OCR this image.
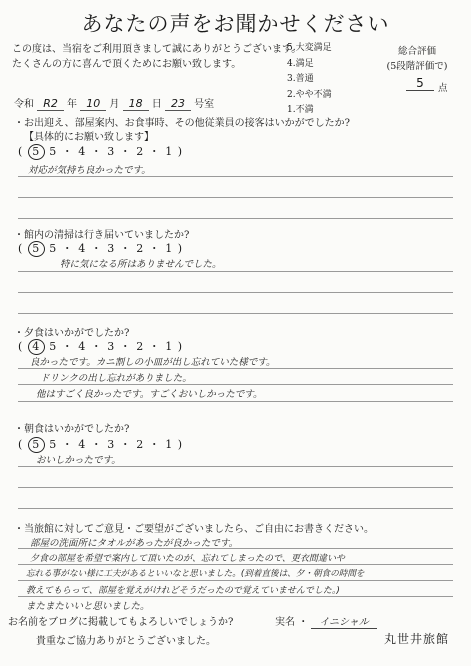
あなたの声をお聞かせください
この度は、当宿をご利用頂きまして誠にありがとうございます。
たくさんの方に喜んで頂くためにお願い致します。
5.大変満足
4.満足
3.普通
2.やや不満
1.不満
総合評価
(5段階評価で)
5	点
令和 R2 年 10 月 18 日 23 号室
・お出迎え、部屋案内、お食事時、その他従業員の接客はいかがでしたか?
【具体的にお願い致します】
( 5 5 ・ 4 ・ 3 ・ 2 ・ 1 )
対応が気持ち良かったです。
・館内の清掃は行き届いていましたか?
( 5 5 ・ 4 ・ 3 ・ 2 ・ 1 )
特に気になる所はありませんでした。
・夕食はいかがでしたか?
( 4 5 ・ 4 ・ 3 ・ 2 ・ 1 )
良かったです。カニ割しの小皿が出し忘れていた様です。
ドリンクの出し忘れがありました。
他はすごく良かったです。すごくおいしかったです。
・朝食はいかがでしたか?
( 5 5 ・ 4 ・ 3 ・ 2 ・ 1 )
おいしかったです。
・当旅館に対してご意見・ご要望がございましたら、ご自由にお書きください。
部屋の洗面所にタオルがあったが良かったです。
夕食の部屋を希望で案内して頂いたのが、忘れてしまったので、更衣間違いや
忘れる事がない様に工夫があるといいなと思いました。(到着直後は、夕・朝食の時間を
教えてもらって、部屋を覚えがけれどそうだったので覚えていませんでした。)
またまたいいと思いました。
お名前をブログに掲載してもよろしいでしょうか?	実名 ・ イニシャル
貴重なご協力ありがとうございました。	丸世井旅館
